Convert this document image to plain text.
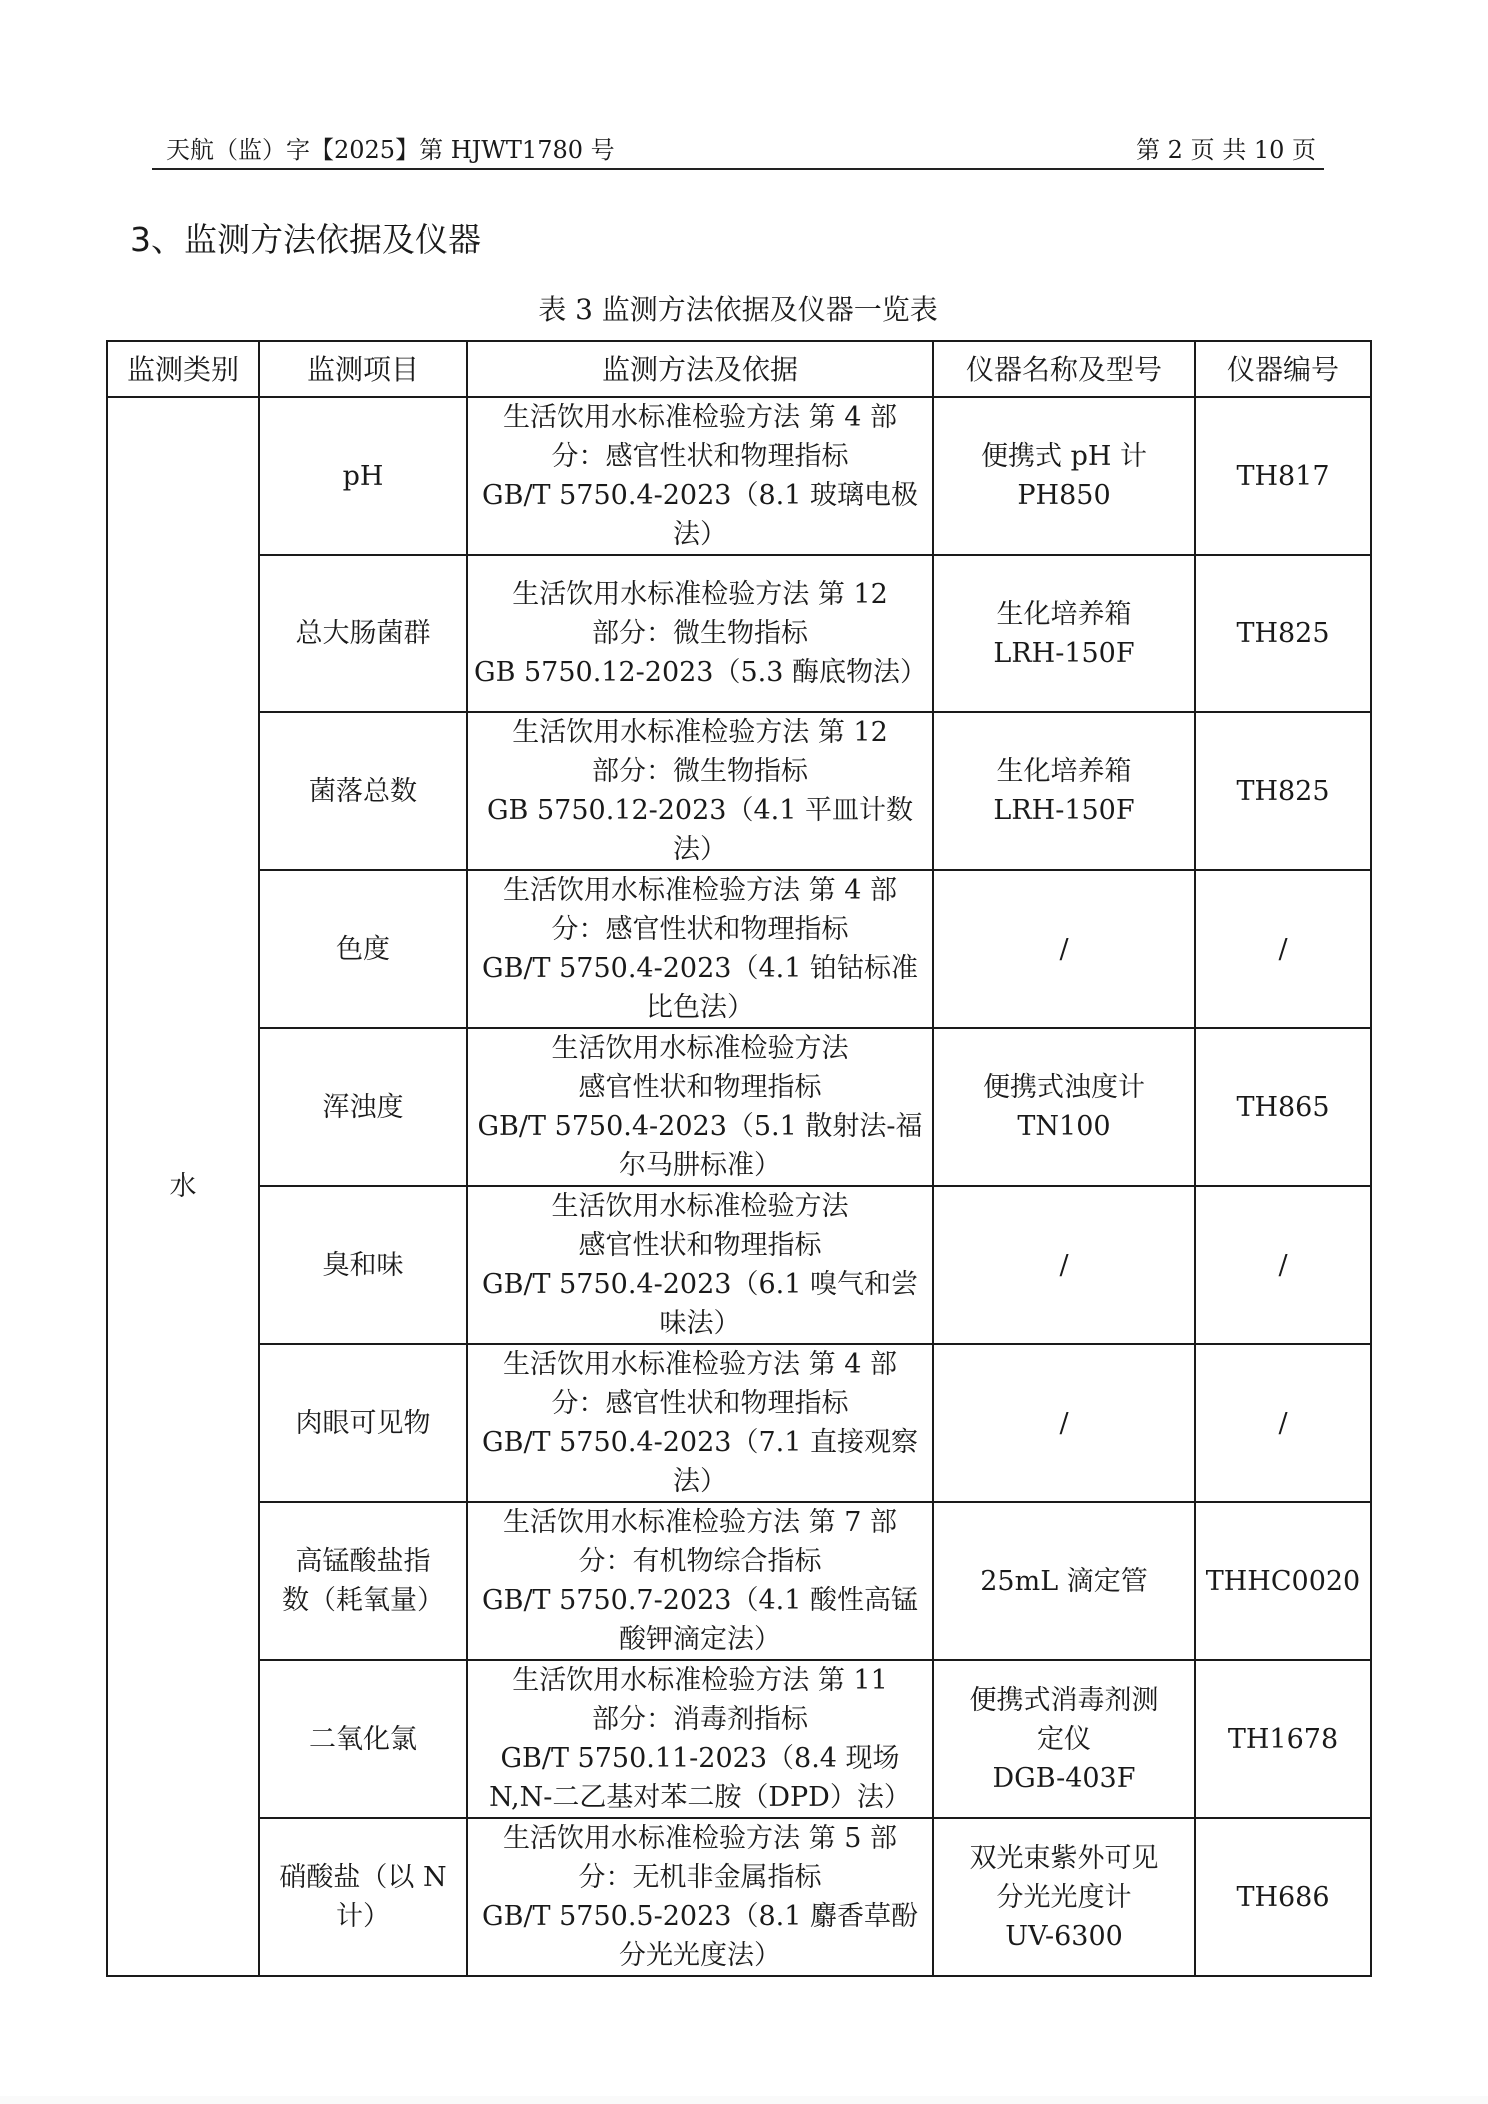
天航（监）字【2025】第 HJWT1780 号	第 2 页 共 10 页
3、监测方法依据及仪器
表 3 监测方法依据及仪器一览表
监测类别	监测项目	监测方法及依据	仪器名称及型号	仪器编号
水	pH	生活饮用水标准检验方法 第 4 部
分：感官性状和物理指标
GB/T 5750.4-2023（8.1 玻璃电极
法）	便携式 pH 计
PH850	TH817
	总大肠菌群	生活饮用水标准检验方法 第 12
部分：微生物指标
GB 5750.12-2023（5.3 酶底物法）	生化培养箱
LRH-150F	TH825
	菌落总数	生活饮用水标准检验方法 第 12
部分：微生物指标
GB 5750.12-2023（4.1 平皿计数
法）	生化培养箱
LRH-150F	TH825
	色度	生活饮用水标准检验方法 第 4 部
分：感官性状和物理指标
GB/T 5750.4-2023（4.1 铂钴标准
比色法）	/	/
	浑浊度	生活饮用水标准检验方法
感官性状和物理指标
GB/T 5750.4-2023（5.1 散射法-福
尔马肼标准）	便携式浊度计
TN100	TH865
	臭和味	生活饮用水标准检验方法
感官性状和物理指标
GB/T 5750.4-2023（6.1 嗅气和尝
味法）	/	/
	肉眼可见物	生活饮用水标准检验方法 第 4 部
分：感官性状和物理指标
GB/T 5750.4-2023（7.1 直接观察
法）	/	/
	高锰酸盐指
数（耗氧量）	生活饮用水标准检验方法 第 7 部
分：有机物综合指标
GB/T 5750.7-2023（4.1 酸性高锰
酸钾滴定法）	25mL 滴定管	THHC0020
	二氧化氯	生活饮用水标准检验方法 第 11
部分：消毒剂指标
GB/T 5750.11-2023（8.4 现场
N,N-二乙基对苯二胺（DPD）法）	便携式消毒剂测
定仪
DGB-403F	TH1678
	硝酸盐（以 N
计）	生活饮用水标准检验方法 第 5 部
分：无机非金属指标
GB/T 5750.5-2023（8.1 麝香草酚
分光光度法）	双光束紫外可见
分光光度计
UV-6300	TH686
